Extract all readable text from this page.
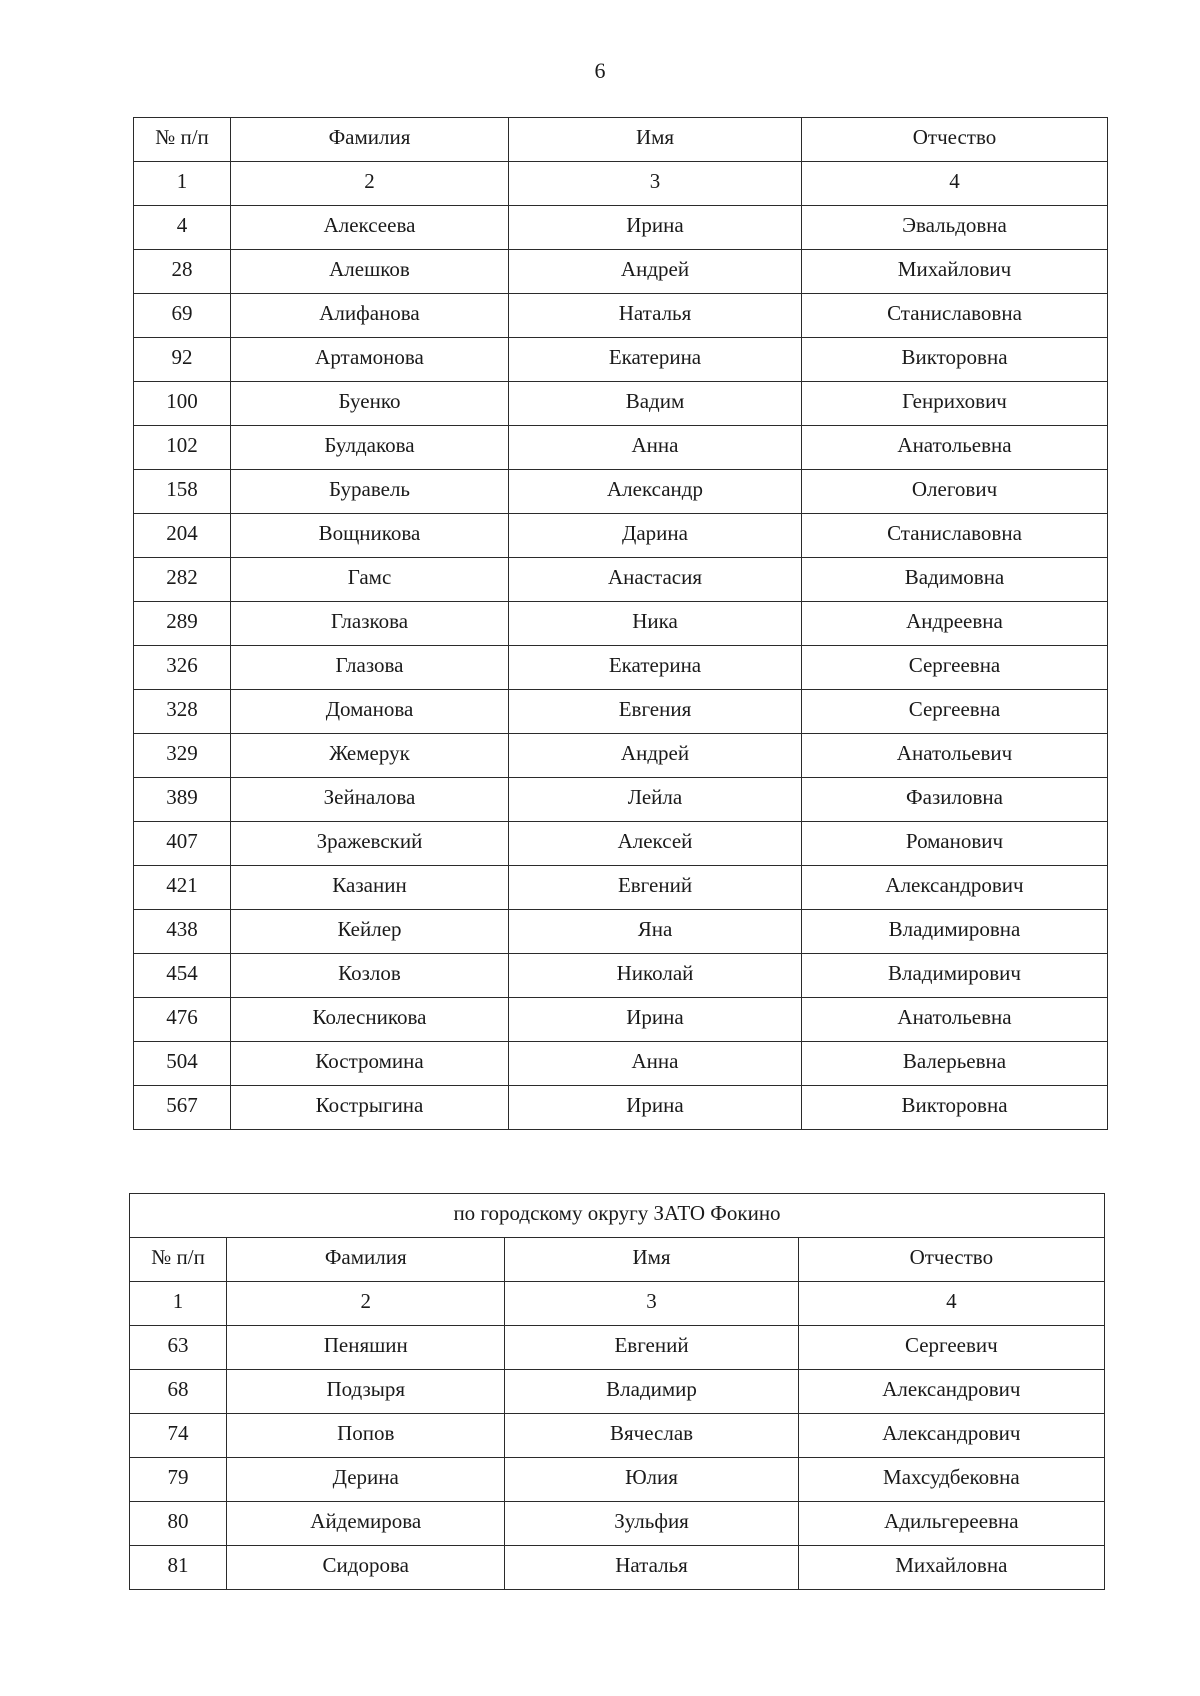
6
№ п/п	Фамилия	Имя	Отчество
1	2	3	4
4	Алексеева	Ирина	Эвальдовна
28	Алешков	Андрей	Михайлович
69	Алифанова	Наталья	Станиславовна
92	Артамонова	Екатерина	Викторовна
100	Буенко	Вадим	Генрихович
102	Булдакова	Анна	Анатольевна
158	Буравель	Александр	Олегович
204	Вощникова	Дарина	Станиславовна
282	Гамс	Анастасия	Вадимовна
289	Глазкова	Ника	Андреевна
326	Глазова	Екатерина	Сергеевна
328	Доманова	Евгения	Сергеевна
329	Жемерук	Андрей	Анатольевич
389	Зейналова	Лейла	Фазиловна
407	Зражевский	Алексей	Романович
421	Казанин	Евгений	Александрович
438	Кейлер	Яна	Владимировна
454	Козлов	Николай	Владимирович
476	Колесникова	Ирина	Анатольевна
504	Костромина	Анна	Валерьевна
567	Кострыгина	Ирина	Викторовна
по городскому округу ЗАТО Фокино			
№ п/п	Фамилия	Имя	Отчество
1	2	3	4
63	Пеняшин	Евгений	Сергеевич
68	Подзыря	Владимир	Александрович
74	Попов	Вячеслав	Александрович
79	Дерина	Юлия	Махсудбековна
80	Айдемирова	Зульфия	Адильгереевна
81	Сидорова	Наталья	Михайловна
